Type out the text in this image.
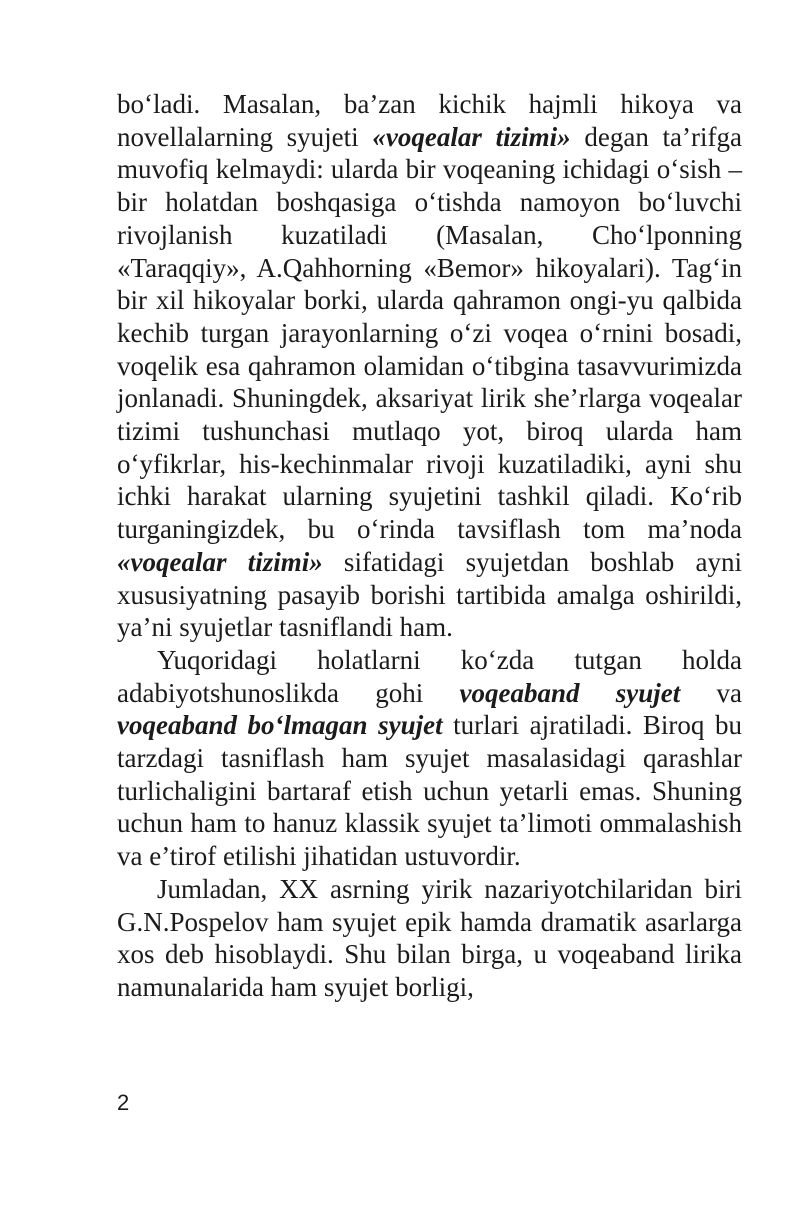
bo‘ladi. Masalan, ba’zan kichik hajmli hikoya va novellalarning syujeti «voqealar tizimi» degan ta’rifga muvofiq kelmaydi: ularda bir voqeaning ichidagi o‘sish – bir holatdan boshqasiga o‘tishda namoyon bo‘luvchi rivojlanish kuzatiladi (Masalan, Cho‘lponning «Taraqqiy», A.Qahhorning «Bemor» hikoyalari). Tag‘in bir xil hikoyalar borki, ularda qahramon ongi-yu qalbida kechib turgan jarayonlarning o‘zi voqea o‘rnini bosadi, voqelik esa qahramon olamidan o‘tibgina tasavvurimizda jonlanadi. Shuningdek, aksariyat lirik she’rlarga voqealar tizimi tushunchasi mutlaqo yot, biroq ularda ham o‘yfikrlar, his-kechinmalar rivoji kuzatiladiki, ayni shu ichki harakat ularning syujetini tashkil qiladi. Ko‘rib turganingizdek, bu o‘rinda tavsiflash tom ma’noda «voqealar tizimi» sifatidagi syujetdan boshlab ayni xususiyatning pasayib borishi tartibida amalga oshirildi, ya’ni syujetlar tasniflandi ham.

Yuqoridagi holatlarni ko‘zda tutgan holda adabiyotshunoslikda gohi voqeaband syujet va voqeaband bo‘lmagan syujet turlari ajratiladi. Biroq bu tarzdagi tasniflash ham syujet masalasidagi qarashlar turlichaligini bartaraf etish uchun yetarli emas. Shuning uchun ham to hanuz klassik syujet ta’limoti ommalashish va e’tirof etilishi jihatidan ustuvordir.

Jumladan, XX asrning yirik nazariyotchilaridan biri G.N.Pospelov ham syujet epik hamda dramatik asarlarga xos deb hisoblaydi. Shu bilan birga, u voqeaband lirika namunalarida ham syujet borligi,

2
